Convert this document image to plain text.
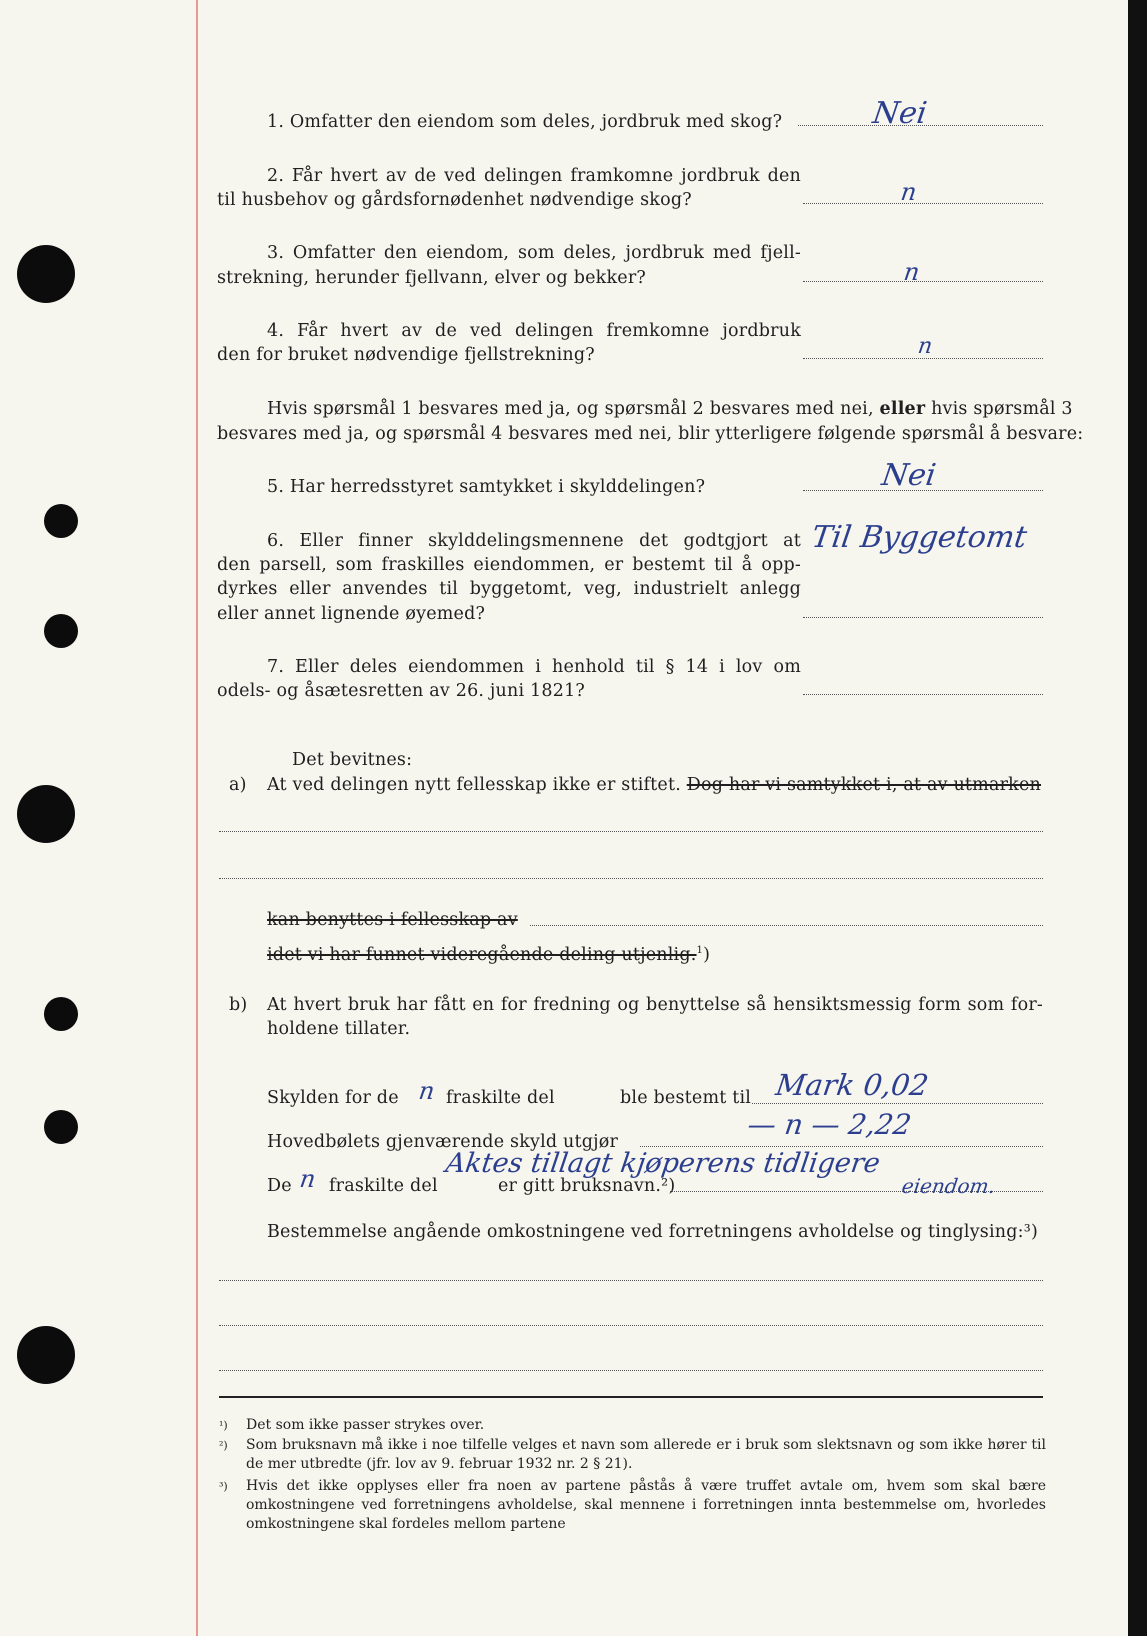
1. Omfatter den eiendom som deles, jordbruk med skog?	Nei
2. Får hvert av de ved delingen framkomne jordbruk den
til husbehov og gårdsfornødenhet nødvendige skog?	n
3. Omfatter den eiendom, som deles, jordbruk med fjell-
strekning, herunder fjellvann, elver og bekker?	n
4. Får hvert av de ved delingen fremkomne jordbruk
den for bruket nødvendige fjellstrekning?	n
Hvis spørsmål 1 besvares med ja, og spørsmål 2 besvares med nei, eller hvis spørsmål 3
besvares med ja, og spørsmål 4 besvares med nei, blir ytterligere følgende spørsmål å besvare:
5. Har herredsstyret samtykket i skylddelingen?	Nei
6. Eller finner skylddelingsmennene det godtgjort at
den parsell, som fraskilles eiendommen, er bestemt til å opp-
dyrkes eller anvendes til byggetomt, veg, industrielt anlegg
eller annet lignende øyemed?
Til Byggetomt
7. Eller deles eiendommen i henhold til § 14 i lov om
odels- og åsætesretten av 26. juni 1821?
Det bevitnes:
a) At ved delingen nytt fellesskap ikke er stiftet. Dog har vi samtykket i, at av utmarken
kan benyttes i fellesskap av
idet vi har funnet videregående deling utjenlig.$^1$)
b) At hvert bruk har fått en for fredning og benyttelse så hensiktsmessig form som for-
holdene tillater.
Skylden for de n fraskilte del	ble bestemt til Mark 0,02
Hovedbølets gjenværende skyld utgjør
— n — 2,22
De n fraskilte del	er gitt bruksnavn.²)
Aktes tillagt kjøperens tidligere
eiendom.
Bestemmelse angående omkostningene ved forretningens avholdelse og tinglysing:³)
¹) Det som ikke passer strykes over.
²) Som bruksnavn må ikke i noe tilfelle velges et navn som allerede er i bruk som slektsnavn og som ikke hører til de mer utbredte (jfr. lov av 9. februar 1932 nr. 2 § 21).
³) Hvis det ikke opplyses eller fra noen av partene påstås å være truffet avtale om, hvem som skal bære omkostningene ved forretningens avholdelse, skal mennene i forretningen innta bestemmelse om, hvorledes omkostningene skal fordeles mellom partene
